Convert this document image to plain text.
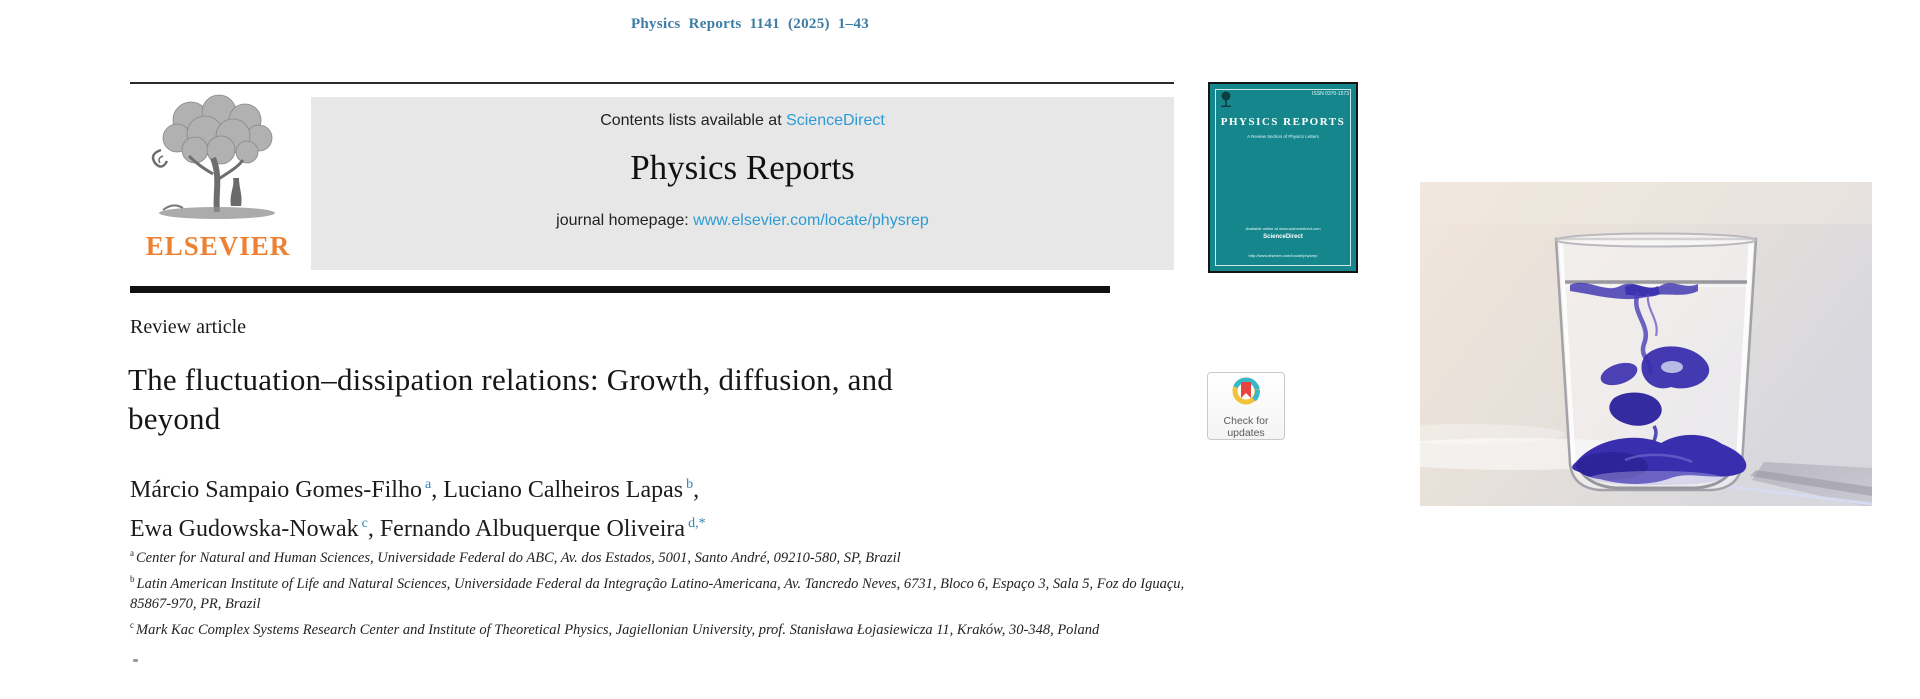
Physics Reports 1141 (2025) 1–43
ELSEVIER
Contents lists available at ScienceDirect
Physics Reports
journal homepage: www.elsevier.com/locate/physrep
ISSN 0370-1573
PHYSICS REPORTS
A Review Section of Physics Letters
Available online at www.sciencedirect.com
ScienceDirect
http://www.elsevier.com/locate/physrep
Review article
The fluctuation–dissipation relations: Growth, diffusion, and
beyond	Check for
updates
Márcio Sampaio Gomes-Filho $^a$, Luciano Calheiros Lapas $^b$,
Ewa Gudowska-Nowak $^c$, Fernando Albuquerque Oliveira $^{d,*}$
$^a$ Center for Natural and Human Sciences, Universidade Federal do ABC, Av. dos Estados, 5001, Santo André, 09210-580, SP, Brazil
$^b$ Latin American Institute of Life and Natural Sciences, Universidade Federal da Integração Latino-Americana, Av. Tancredo Neves, 6731, Bloco 6, Espaço 3, Sala 5, Foz do Iguaçu, 85867-970, PR, Brazil
$^c$ Mark Kac Complex Systems Research Center and Institute of Theoretical Physics, Jagiellonian University, prof. Stanisława Łojasiewicza 11, Kraków, 30-348, Poland
